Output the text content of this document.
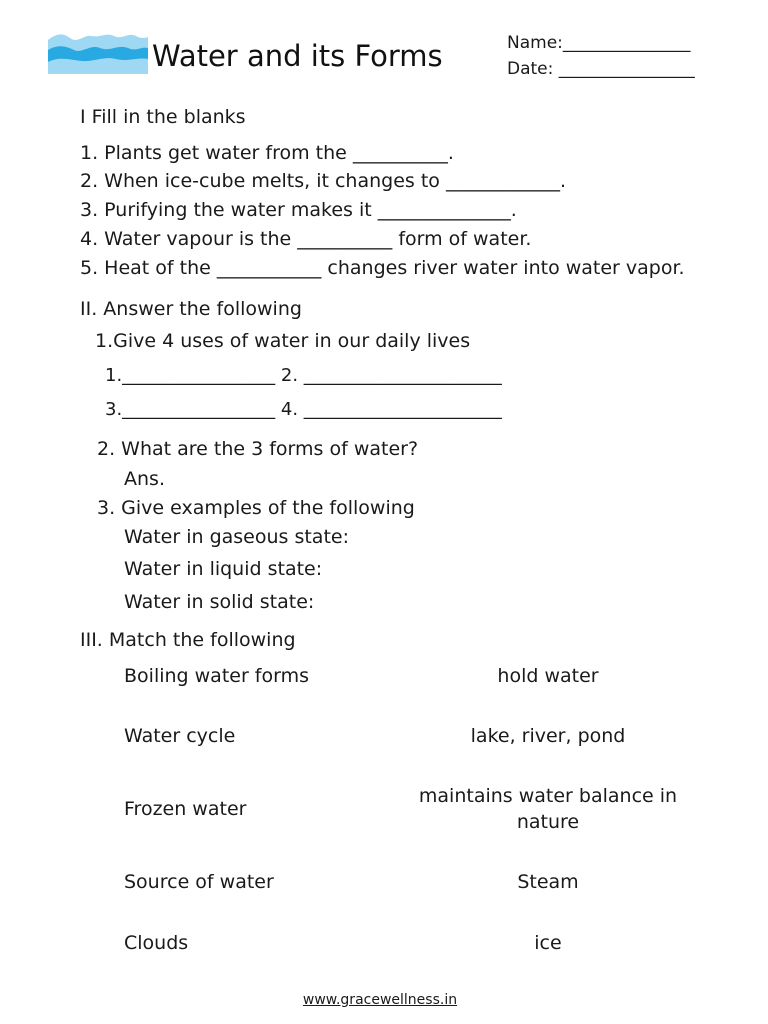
Water and its Forms	Name:_______________
Date: ________________
I Fill in the blanks
1. Plants get water from the __________.
2. When ice-cube melts, it changes to ____________.
3. Purifying the water makes it ______________.
4. Water vapour is the __________ form of water.
5. Heat of the ___________ changes river water into water vapor.
II. Answer the following
1.Give 4 uses of water in our daily lives
1._________________ 2. ______________________
3._________________ 4. ______________________
2. What are the 3 forms of water?
Ans.
3. Give examples of the following
Water in gaseous state:
Water in liquid state:
Water in solid state:
III. Match the following
Boiling water forms
Water cycle
Frozen water
Source of water
Clouds
hold water
lake, river, pond
maintains water balance in nature
Steam
ice
www.gracewellness.in
